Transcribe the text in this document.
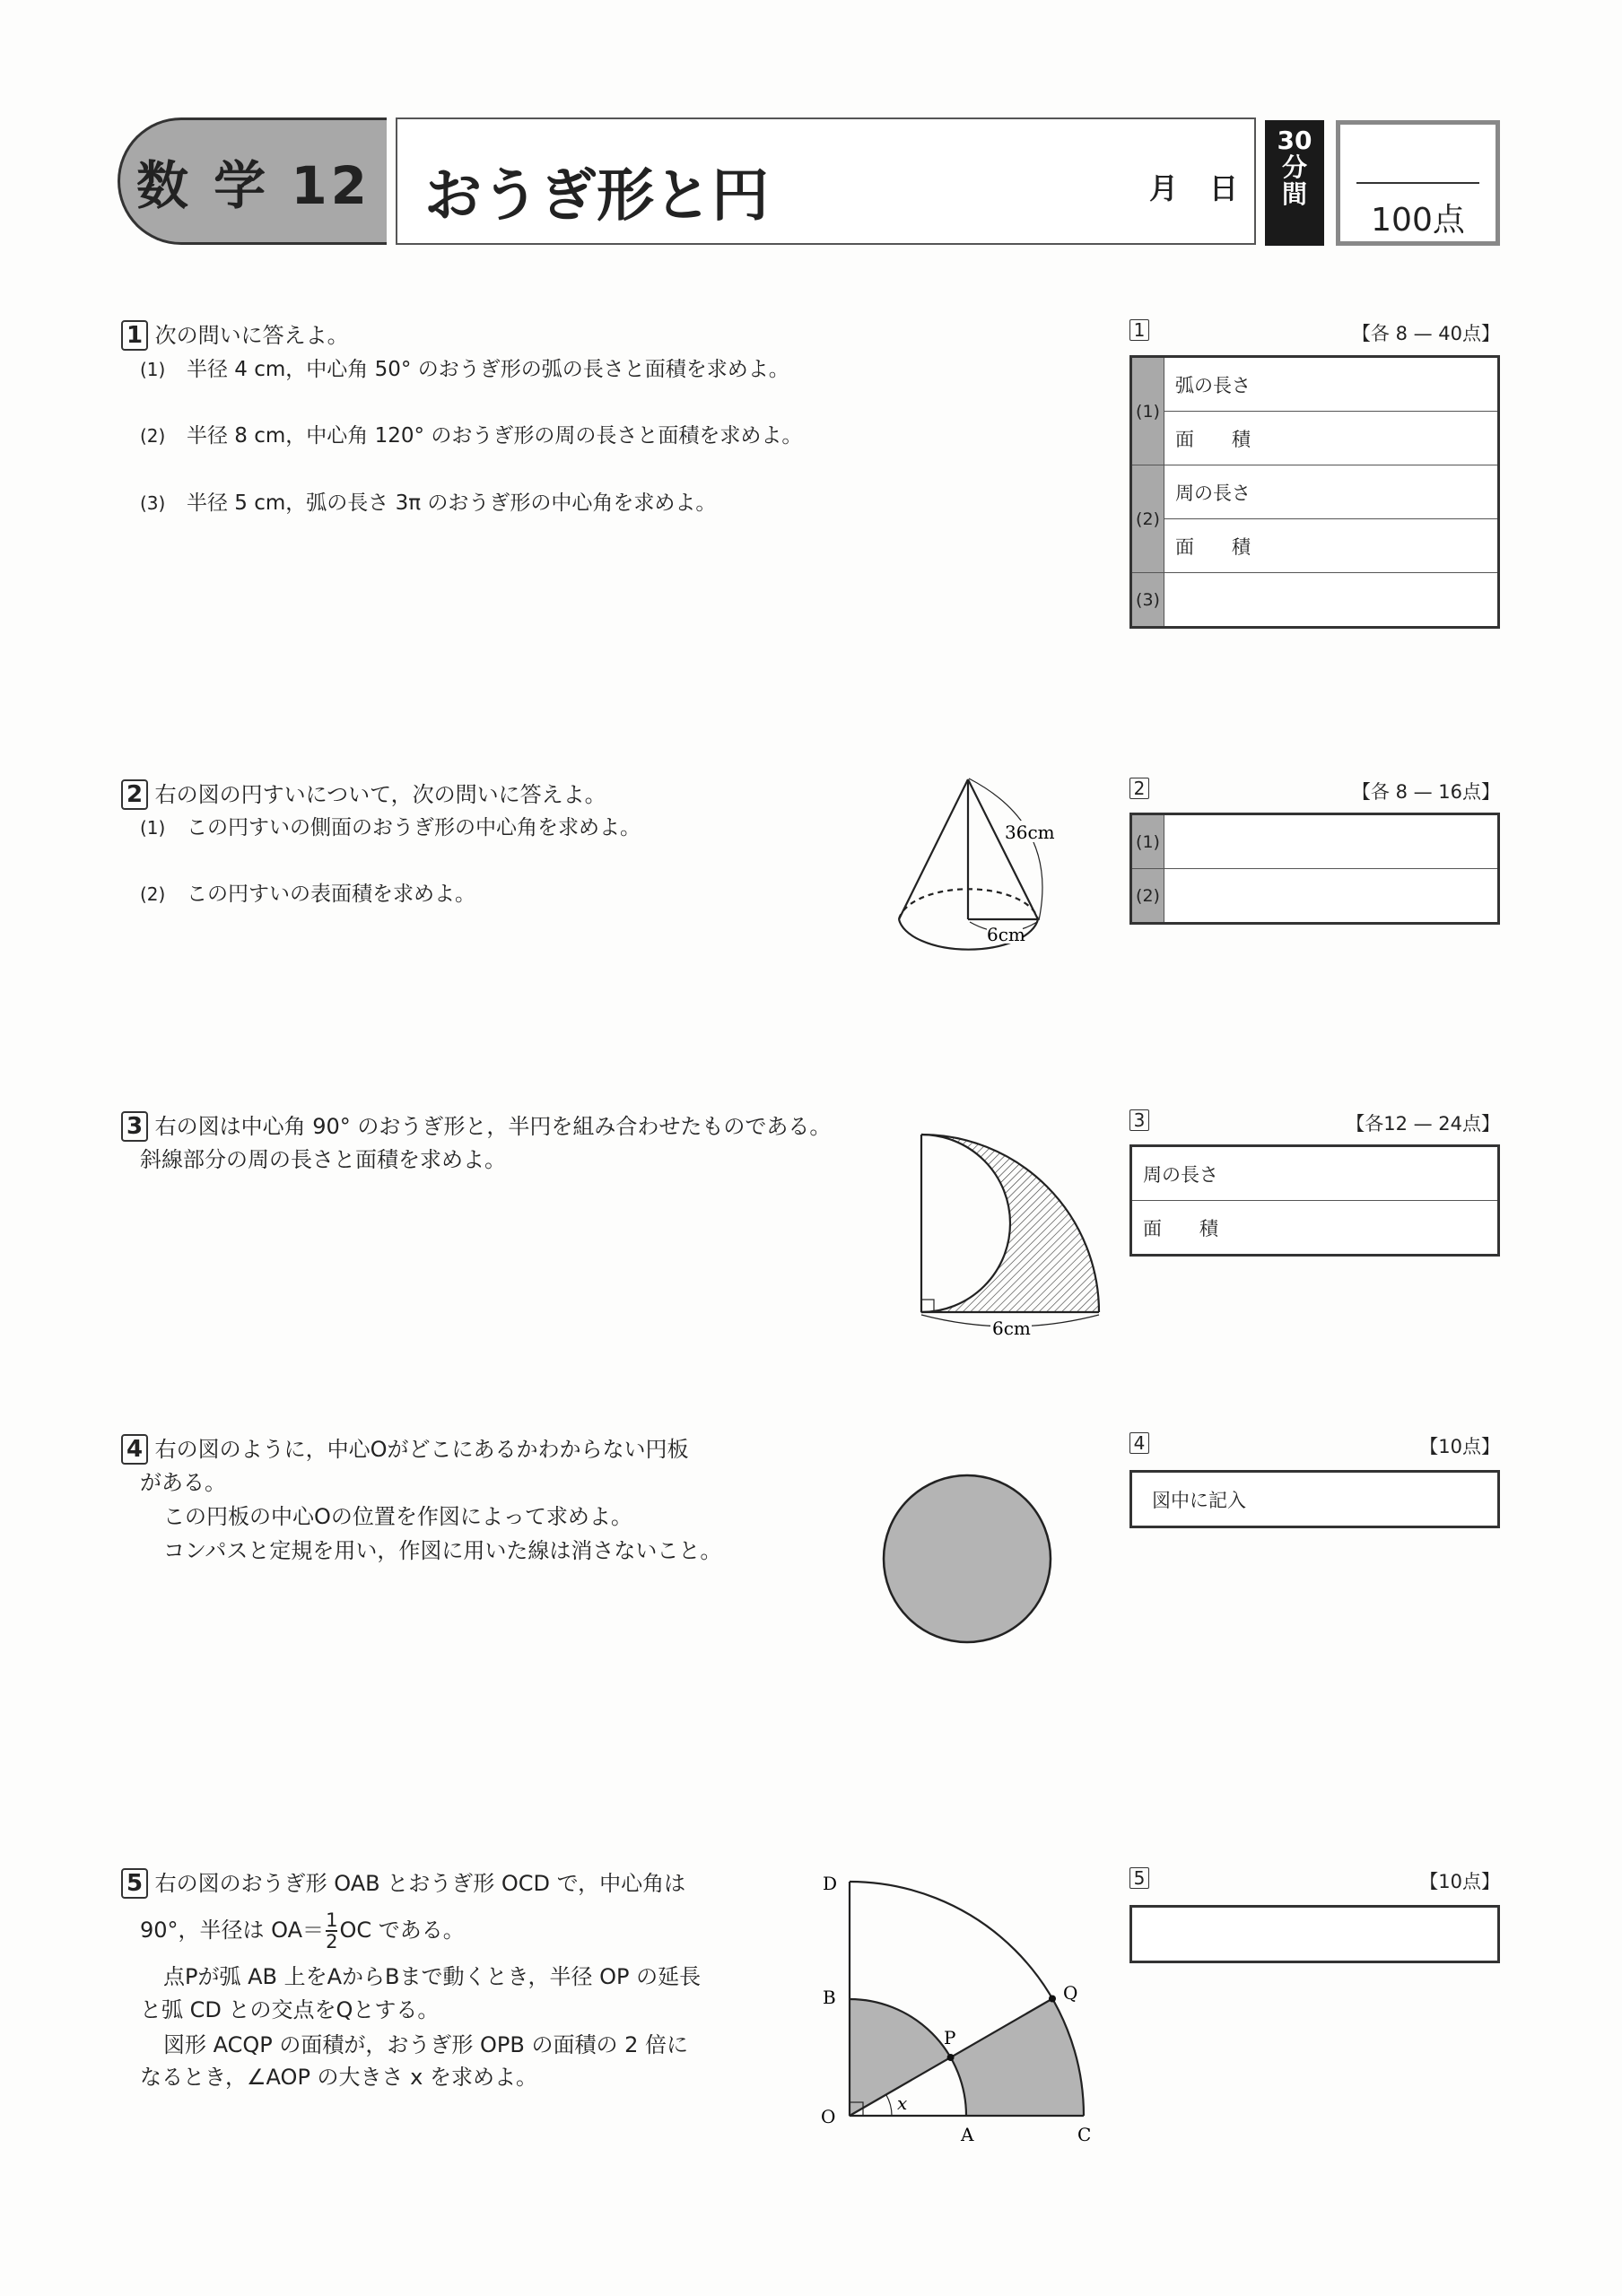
数 学 12 おうぎ形と円	月 日
30
分
間
100点
1 次の問いに答えよ。
(1) 半径 4 cm，中心角 50° のおうぎ形の弧の長さと面積を求めよ。
(2) 半径 8 cm，中心角 120° のおうぎ形の周の長さと面積を求めよ。
(3) 半径 5 cm，弧の長さ 3π のおうぎ形の中心角を求めよ。
1	【各 8 — 40点】
(1)	弧の長さ
	面　　積
(2)	周の長さ
	面　　積
(3)	
2 右の図の円すいについて，次の問いに答えよ。
(1) この円すいの側面のおうぎ形の中心角を求めよ。
(2) この円すいの表面積を求めよ。
36cm
6cm
2	【各 8 — 16点】
(1)	
(2)	
3 右の図は中心角 90° のおうぎ形と，半円を組み合わせたものである。
斜線部分の周の長さと面積を求めよ。
6cm
3	【各12 — 24点】
周の長さ
面　　積
4 右の図のように，中心Oがどこにあるかわからない円板
がある。
この円板の中心Oの位置を作図によって求めよ。
コンパスと定規を用い，作図に用いた線は消さないこと。
4	【10点】
図中に記入
5 右の図のおうぎ形 OAB とおうぎ形 OCD で，中心角は
90°，半径は $OA= \frac{1}{2}$ OC である。
点Pが弧 AB 上をAからBまで動くとき，半径 OP の延長
と弧 CD との交点をQとする。
図形 ACQP の面積が，おうぎ形 OPB の面積の 2 倍に
なるとき，∠AOP の大きさ x を求めよ。
D
B
P
Q
O
A	C
x
5	【10点】
